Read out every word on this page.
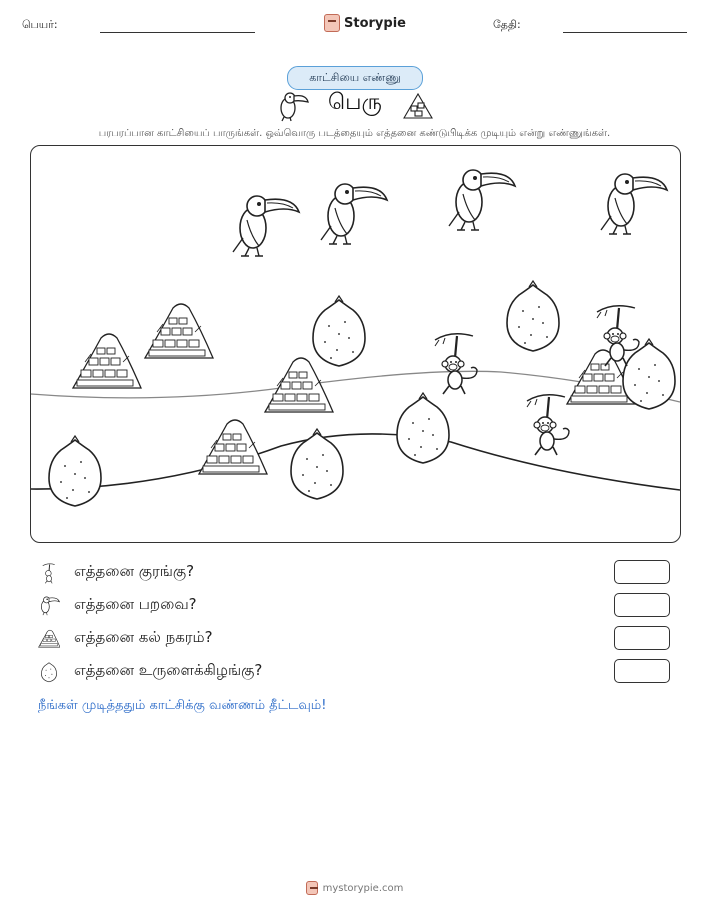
பெயர்:	Storypie	தேதி:
காட்சியை எண்ணு
பெரு
பரபரப்பான காட்சியைப் பாருங்கள். ஒவ்வொரு படத்தையும் எத்தனை கண்டுபிடிக்க முடியும் என்று எண்ணுங்கள்.
எத்தனை குரங்கு?
எத்தனை பறவை?
எத்தனை கல் நகரம்?
எத்தனை உருளைக்கிழங்கு?
நீங்கள் முடித்ததும் காட்சிக்கு வண்ணம் தீட்டவும்!
mystorypie.com
